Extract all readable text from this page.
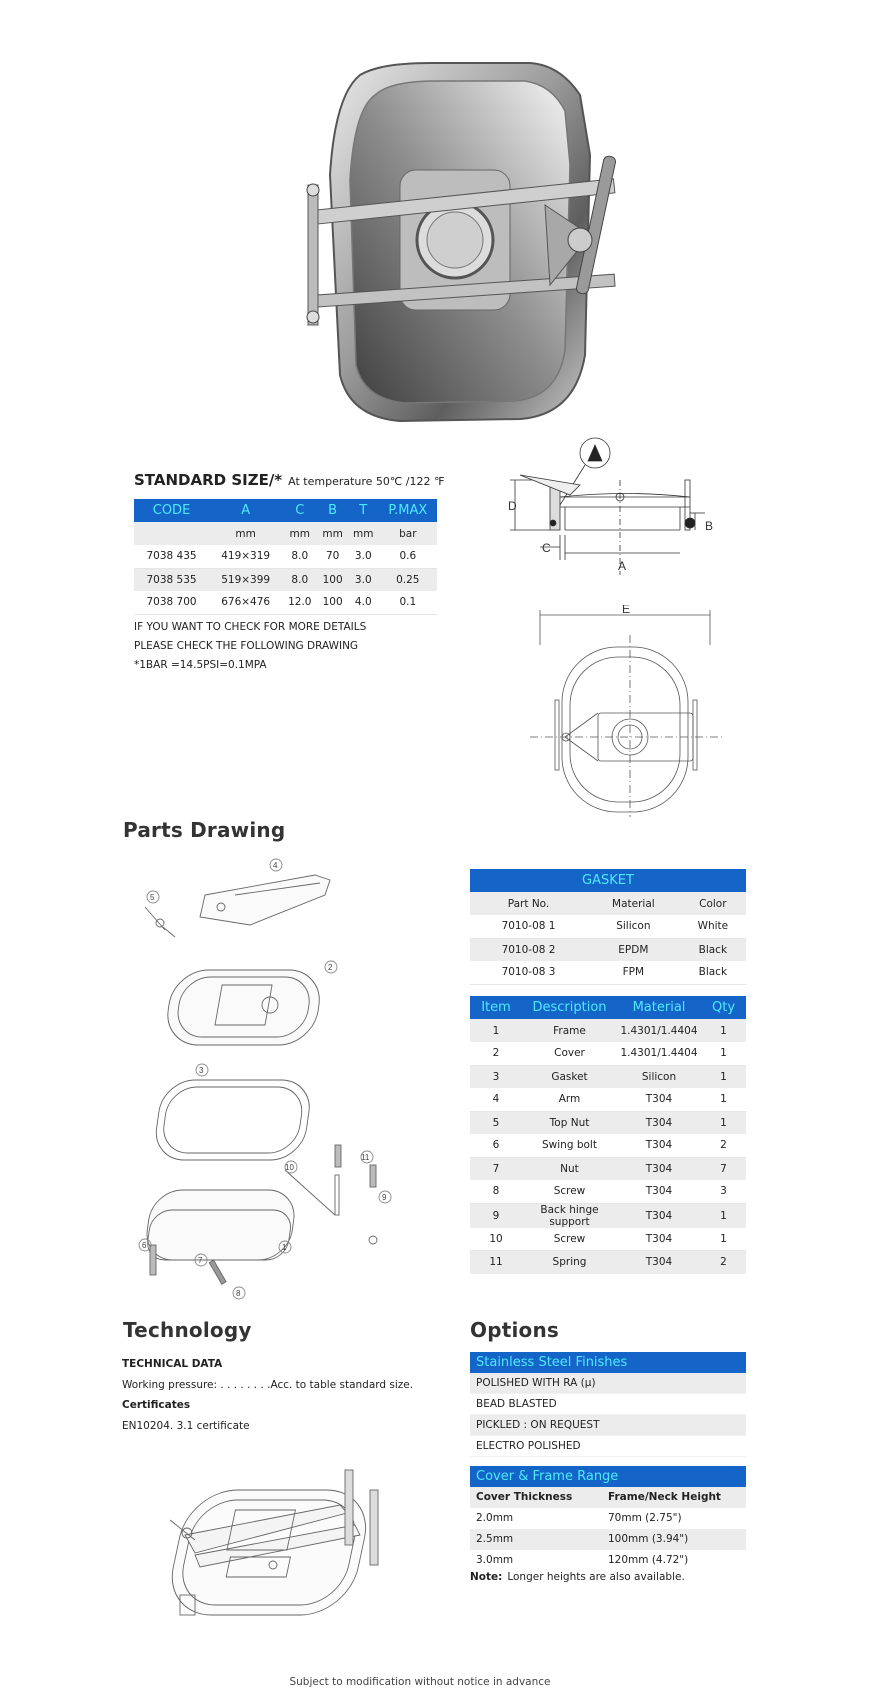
STANDARD SIZE/* At temperature 50℃ /122 ℉
CODE	A	C	B	T	P.MAX
	mm	mm	mm	mm	bar
7038 435	419×319	8.0	70	3.0	0.6
7038 535	519×399	8.0	100	3.0	0.25
7038 700	676×476	12.0	100	4.0	0.1
IF YOU WANT TO CHECK FOR MORE DETAILS
PLEASE CHECK THE FOLLOWING DRAWING
*1BAR =14.5PSI=0.1MPA
D
B
C
A
E
Parts Drawing
4
5
2
3
11
10
9
1
6
7
8
GASKET		
Part No.	Material	Color
7010-08 1	Silicon	White
7010-08 2	EPDM	Black
7010-08 3	FPM	Black
Item	Description	Material	Qty
1	Frame	1.4301/1.4404	1
2	Cover	1.4301/1.4404	1
3	Gasket	Silicon	1
4	Arm	T304	1
5	Top Nut	T304	1
6	Swing bolt	T304	2
7	Nut	T304	7
8	Screw	T304	3
9	Back hinge support	T304	1
10	Screw	T304	1
11	Spring	T304	2
Technology
TECHNICAL DATA
Working pressure: . . . . . . . .Acc. to table standard size.
Certificates
EN10204. 3.1 certificate
Options
Stainless Steel Finishes
POLISHED WITH RA (μ)
BEAD BLASTED
PICKLED : ON REQUEST
ELECTRO POLISHED
Cover & Frame Range
Cover Thickness	Frame/Neck Height
2.0mm	70mm (2.75")
2.5mm	100mm (3.94")
3.0mm	120mm (4.72")
Note: Longer heights are also available.
Subject to modification without notice in advance
